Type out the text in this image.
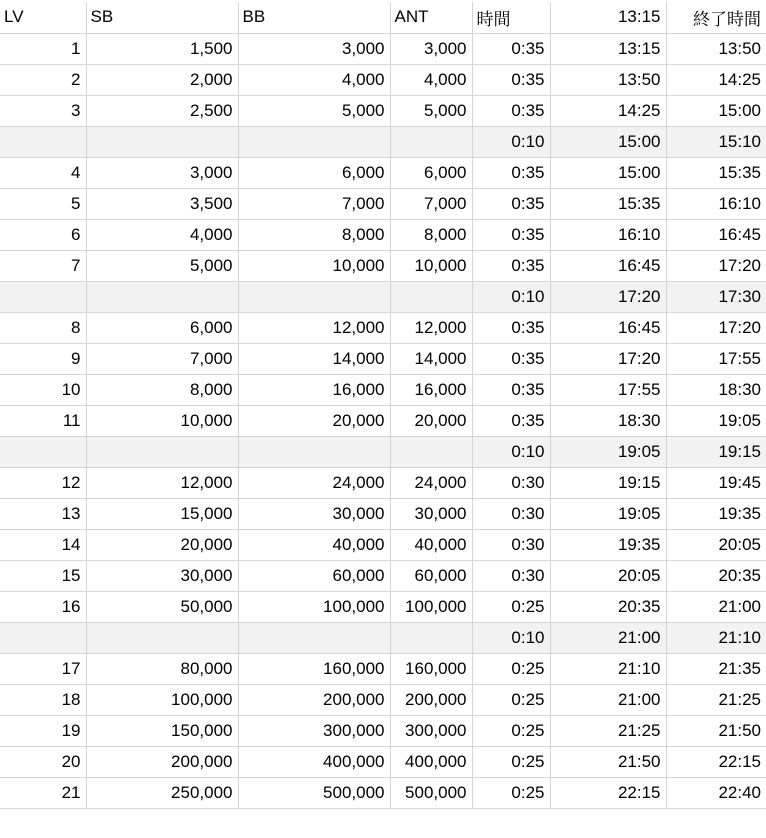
LV	SB	BB	ANT	時間	13:15	終了時間
1	1,500	3,000	3,000	0:35	13:15	13:50
2	2,000	4,000	4,000	0:35	13:50	14:25
3	2,500	5,000	5,000	0:35	14:25	15:00
				0:10	15:00	15:10
4	3,000	6,000	6,000	0:35	15:00	15:35
5	3,500	7,000	7,000	0:35	15:35	16:10
6	4,000	8,000	8,000	0:35	16:10	16:45
7	5,000	10,000	10,000	0:35	16:45	17:20
				0:10	17:20	17:30
8	6,000	12,000	12,000	0:35	16:45	17:20
9	7,000	14,000	14,000	0:35	17:20	17:55
10	8,000	16,000	16,000	0:35	17:55	18:30
11	10,000	20,000	20,000	0:35	18:30	19:05
				0:10	19:05	19:15
12	12,000	24,000	24,000	0:30	19:15	19:45
13	15,000	30,000	30,000	0:30	19:05	19:35
14	20,000	40,000	40,000	0:30	19:35	20:05
15	30,000	60,000	60,000	0:30	20:05	20:35
16	50,000	100,000	100,000	0:25	20:35	21:00
				0:10	21:00	21:10
17	80,000	160,000	160,000	0:25	21:10	21:35
18	100,000	200,000	200,000	0:25	21:00	21:25
19	150,000	300,000	300,000	0:25	21:25	21:50
20	200,000	400,000	400,000	0:25	21:50	22:15
21	250,000	500,000	500,000	0:25	22:15	22:40
